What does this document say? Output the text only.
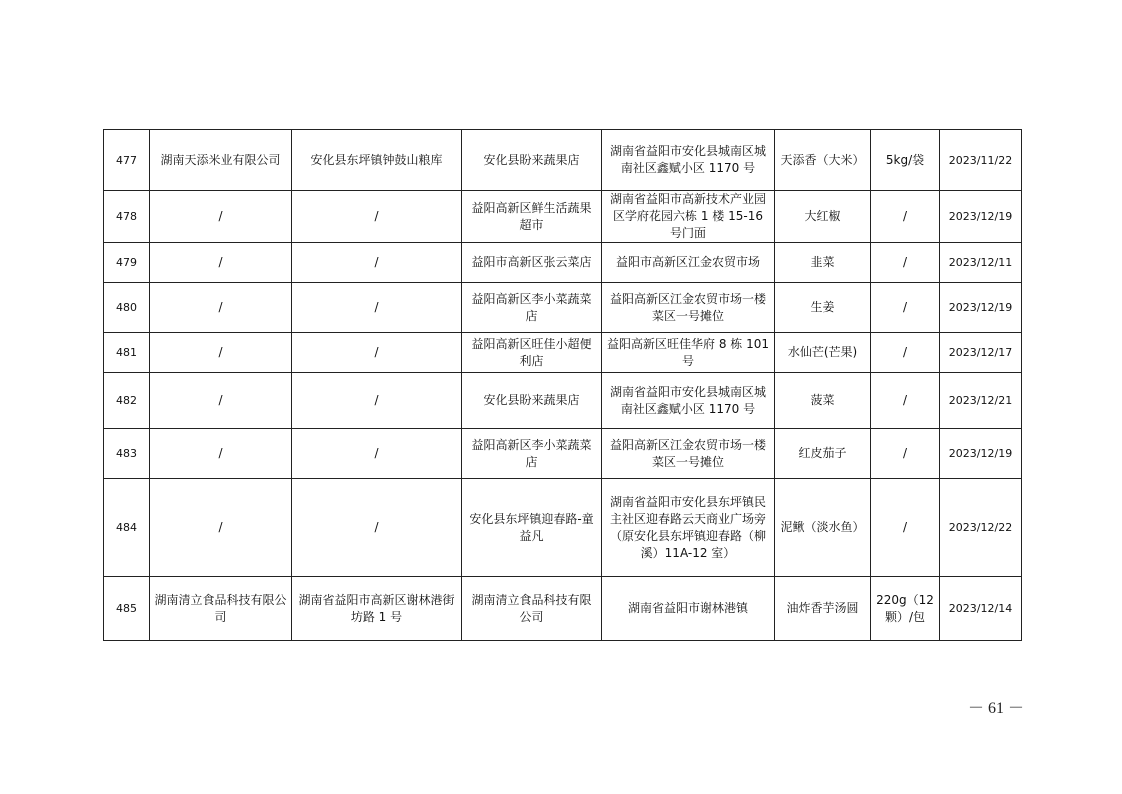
477	湖南天添米业有限公司	安化县东坪镇钟鼓山粮库	安化县盼来蔬果店	湖南省益阳市安化县城南区城南社区鑫赋小区 1170 号	天添香（大米）	5kg/袋	2023/11/22
478	/	/	益阳高新区鲜生活蔬果超市	湖南省益阳市高新技术产业园区学府花园六栋 1 楼 15-16 号门面	大红椒	/	2023/12/19
479	/	/	益阳市高新区张云菜店	益阳市高新区江金农贸市场	韭菜	/	2023/12/11
480	/	/	益阳高新区李小菜蔬菜店	益阳高新区江金农贸市场一楼菜区一号摊位	生姜	/	2023/12/19
481	/	/	益阳高新区旺佳小超便利店	益阳高新区旺佳华府 8 栋 101 号	水仙芒(芒果)	/	2023/12/17
482	/	/	安化县盼来蔬果店	湖南省益阳市安化县城南区城南社区鑫赋小区 1170 号	菠菜	/	2023/12/21
483	/	/	益阳高新区李小菜蔬菜店	益阳高新区江金农贸市场一楼菜区一号摊位	红皮茄子	/	2023/12/19
484	/	/	安化县东坪镇迎春路-童益凡	湖南省益阳市安化县东坪镇民主社区迎春路云天商业广场旁（原安化县东坪镇迎春路（柳溪）11A-12 室）	泥鳅（淡水鱼）	/	2023/12/22
485	湖南清立食品科技有限公司	湖南省益阳市高新区谢林港街坊路 1 号	湖南清立食品科技有限公司	湖南省益阳市谢林港镇	油炸香芋汤圆	220g（12 颗）/包	2023/12/14
－ 61 －
